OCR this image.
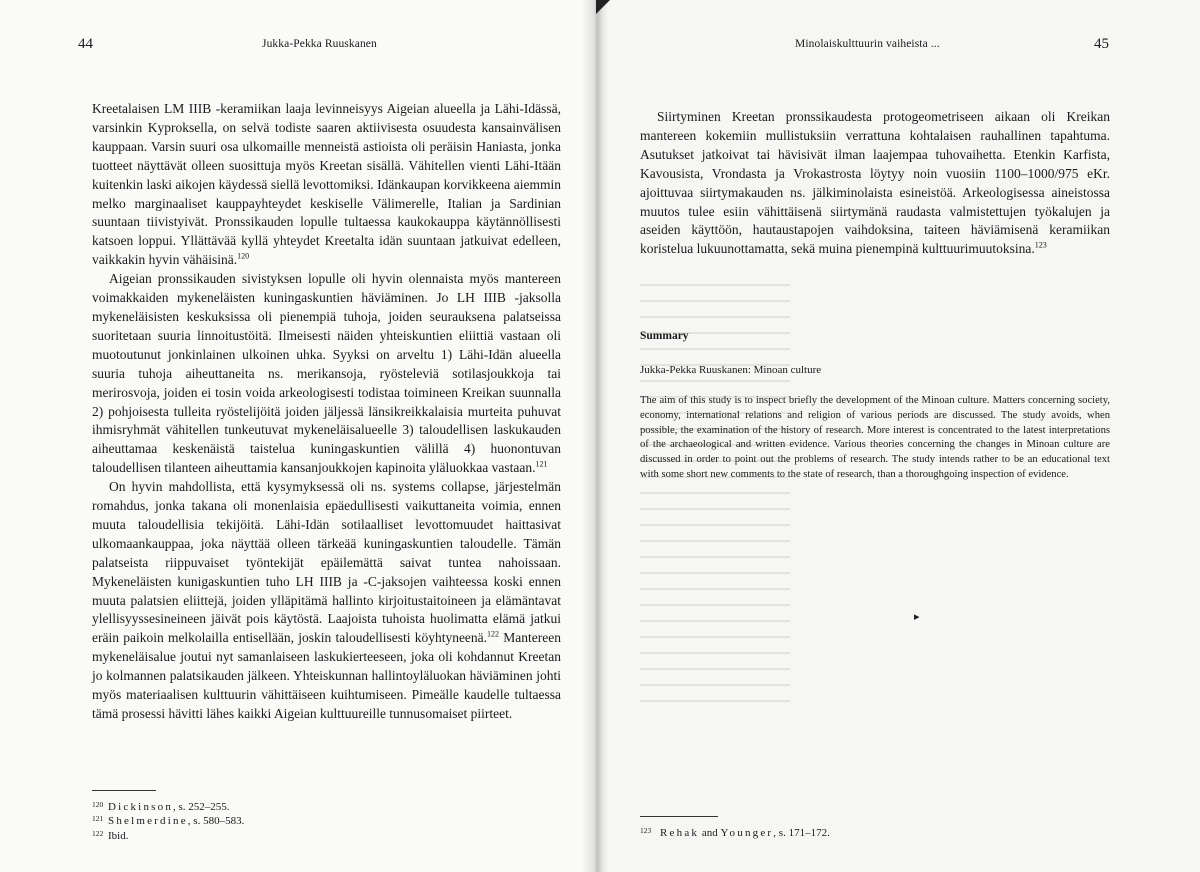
44	Jukka-Pekka Ruuskanen

Kreetalaisen LM IIIB -keramiikan laaja levinneisyys Aigeian alueella ja Lähi-Idässä, varsinkin Kyproksella, on selvä todiste saaren aktiivisesta osuudesta kansainvälisen kauppaan. Varsin suuri osa ulkomaille menneistä astioista oli peräisin Haniasta, jonka tuotteet näyttävät olleen suosittuja myös Kreetan sisällä. Vähitellen vienti Lähi-Itään kuitenkin laski aikojen käydessä siellä levottomiksi. Idänkaupan korvikkeena aiemmin melko marginaaliset kauppayhteydet keskiselle Välimerelle, Italian ja Sardinian suuntaan tiivistyivät. Pronssikauden lopulle tultaessa kaukokauppa käytännöllisesti katsoen loppui. Yllättävää kyllä yhteydet Kreetalta idän suuntaan jatkuivat edelleen, vaikkakin hyvin vähäisinä.$^{120}$

Aigeian pronssikauden sivistyksen lopulle oli hyvin olennaista myös mantereen voimakkaiden mykeneläisten kuningaskuntien häviäminen. Jo LH IIIB -jaksolla mykeneläisisten keskuksissa oli pienempiä tuhoja, joiden seurauksena palatseissa suoritetaan suuria linnoitustöitä. Ilmeisesti näiden yhteiskuntien eliittiä vastaan oli muotoutunut jonkinlainen ulkoinen uhka. Syyksi on arveltu 1) Lähi-Idän alueella suuria tuhoja aiheuttaneita ns. merikansoja, ryösteleviä sotilasjoukkoja tai merirosvoja, joiden ei tosin voida arkeologisesti todistaa toimineen Kreikan suunnalla 2) pohjoisesta tulleita ryöstelijöitä joiden jäljessä länsikreikkalaisia murteita puhuvat ihmisryhmät vähitellen tunkeutuvat mykeneläisalueelle 3) taloudellisen laskukauden aiheuttamaa keskenäistä taistelua kuningaskuntien välillä 4) huonontuvan taloudellisen tilanteen aiheuttamia kansanjoukkojen kapinoita yläluokkaa vastaan.$^{121}$

On hyvin mahdollista, että kysymyksessä oli ns. systems collapse, järjestelmän romahdus, jonka takana oli monenlaisia epäedullisesti vaikuttaneita voimia, ennen muuta taloudellisia tekijöitä. Lähi-Idän sotilaalliset levottomuudet haittasivat ulkomaankauppaa, joka näyttää olleen tärkeää kuningaskuntien taloudelle. Tämän palatseista riippuvaiset työntekijät epäilemättä saivat tuntea nahoissaan. Mykeneläisten kunigaskuntien tuho LH IIIB ja -C-jaksojen vaihteessa koski ennen muuta palatsien eliittejä, joiden ylläpitämä hallinto kirjoitustaitoineen ja elämäntavat ylellisyyssesineineen jäivät pois käytöstä. Laajoista tuhoista huolimatta elämä jatkui eräin paikoin melkolailla entisellään, joskin taloudellisesti köyhtyneenä.$^{122}$ Mantereen mykeneläisalue joutui nyt samanlaiseen laskukierteeseen, joka oli kohdannut Kreetan jo kolmannen palatsikauden jälkeen. Yhteiskunnan hallintoyläluokan häviäminen johti myös materiaalisen kulttuurin vähittäiseen kuihtumiseen. Pimeälle kaudelle tultaessa tämä prosessi hävitti lähes kaikki Aigeian kulttuureille tunnusomaiset piirteet.

120 Dickinson, s. 252–255.
121 Shelmerdine, s. 580–583.
122 Ibid.
Minolaiskulttuurin vaiheista ...	45

Siirtyminen Kreetan pronssikaudesta protogeometriseen aikaan oli Kreikan mantereen kokemiin mullistuksiin verrattuna kohtalaisen rauhallinen tapahtuma. Asutukset jatkoivat tai hävisivät ilman laajempaa tuhovaihetta. Etenkin Karfista, Kavousista, Vrondasta ja Vrokastrosta löytyy noin vuosiin 1100–1000/975 eKr. ajoittuvaa siirtymakauden ns. jälkiminolaista esineistöä. Arkeologisessa aineistossa muutos tulee esiin vähittäisenä siirtymänä raudasta valmistettujen työkalujen ja aseiden käyttöön, hautaustapojen vaihdoksina, taiteen häviämisenä keramiikan koristelua lukuunottamatta, sekä muina pienempinä kulttuurimuutoksina.$^{123}$

Summary
Jukka-Pekka Ruuskanen: Minoan culture

The aim of this study is to inspect briefly the development of the Minoan culture. Matters concerning society, economy, international relations and religion of various periods are discussed. The study avoids, when possible, the examination of the history of research. More interest is concentrated to the latest interpretations of the archaeological and written evidence. Various theories concerning the changes in Minoan culture are discussed in order to point out the problems of research. The study intends rather to be an educational text with some short new comments to the state of research, than a thoroughgoing inspection of evidence.

▸
123 Rehak and Younger, s. 171–172.
